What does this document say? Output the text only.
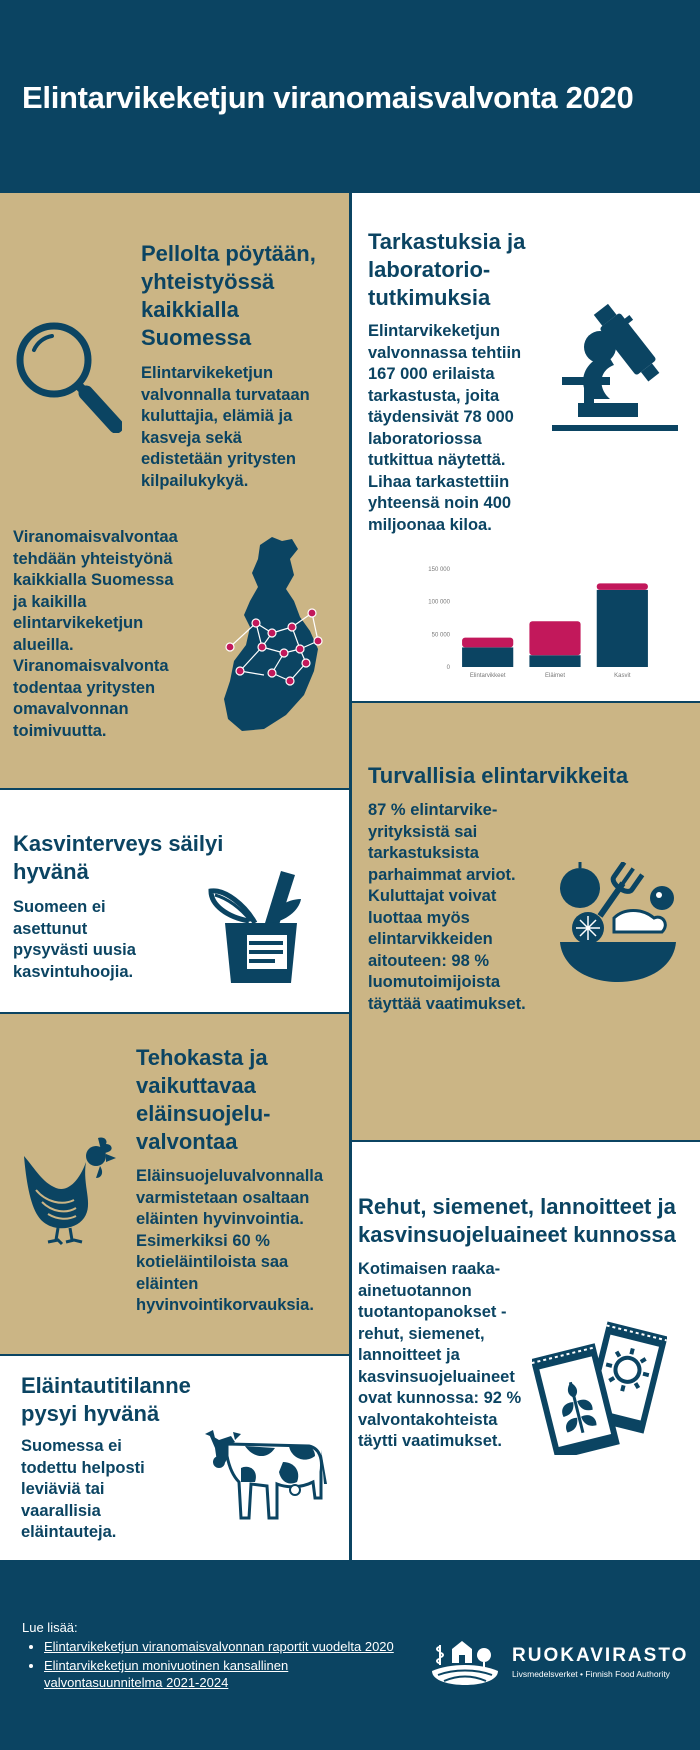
Elintarvikeketjun viranomaisvalvonta 2020
Pellolta pöytään,
yhteistyössä
kaikkialla
Suomessa
Elintarvikeketjun
valvonnalla turvataan
kuluttajia, elämiä ja
kasveja sekä
edistetään yritysten
kilpailukykyä.
Viranomaisvalvontaa
tehdään yhteistyönä
kaikkialla Suomessa
ja kaikilla
elintarvikeketjun
alueilla.
Viranomaisvalvonta
todentaa yritysten
omavalvonnan
toimivuutta.
Tarkastuksia ja
laboratorio-
tutkimuksia
Elintarvikeketjun
valvonnassa tehtiin
167 000 erilaista
tarkastusta, joita
täydensivät 78 000
laboratoriossa
tutkittua näytettä.
Lihaa tarkastettiin
yhteensä noin 400
miljoonaa kiloa.
0
50 000
100 000
150 000
Elintarvikkeet	Eläimet	Kasvit
Kasvinterveys säilyi
hyvänä
Suomeen ei
asettunut
pysyvästi uusia
kasvintuhoojia.
Turvallisia elintarvikkeita
87 % elintarvike-
yrityksistä sai
tarkastuksista
parhaimmat arviot.
Kuluttajat voivat
luottaa myös
elintarvikkeiden
aitouteen: 98 %
luomutoimijoista
täyttää vaatimukset.
Tehokasta ja
vaikuttavaa
eläinsuojelu-
valvontaa
Eläinsuojeluvalvonnalla
varmistetaan osaltaan
eläinten hyvinvointia.
Esimerkiksi 60 %
kotieläintiloista saa
eläinten
hyvinvointikorvauksia.
Rehut, siemenet, lannoitteet ja
kasvinsuojeluaineet kunnossa
Kotimaisen raaka-
ainetuotannon
tuotantopanokset -
rehut, siemenet,
lannoitteet ja
kasvinsuojeluaineet
ovat kunnossa: 92 %
valvontakohteista
täytti vaatimukset.
Eläintautitilanne
pysyi hyvänä
Suomessa ei
todettu helposti
leviäviä tai
vaarallisia
eläintauteja.
Lue lisää:
• Elintarvikeketjun viranomaisvalvonnan raportit vuodelta 2020
• Elintarvikeketjun monivuotinen kansallinen valvontasuunnitelma 2021-2024
RUOKAVIRASTO
Livsmedelsverket • Finnish Food Authority
